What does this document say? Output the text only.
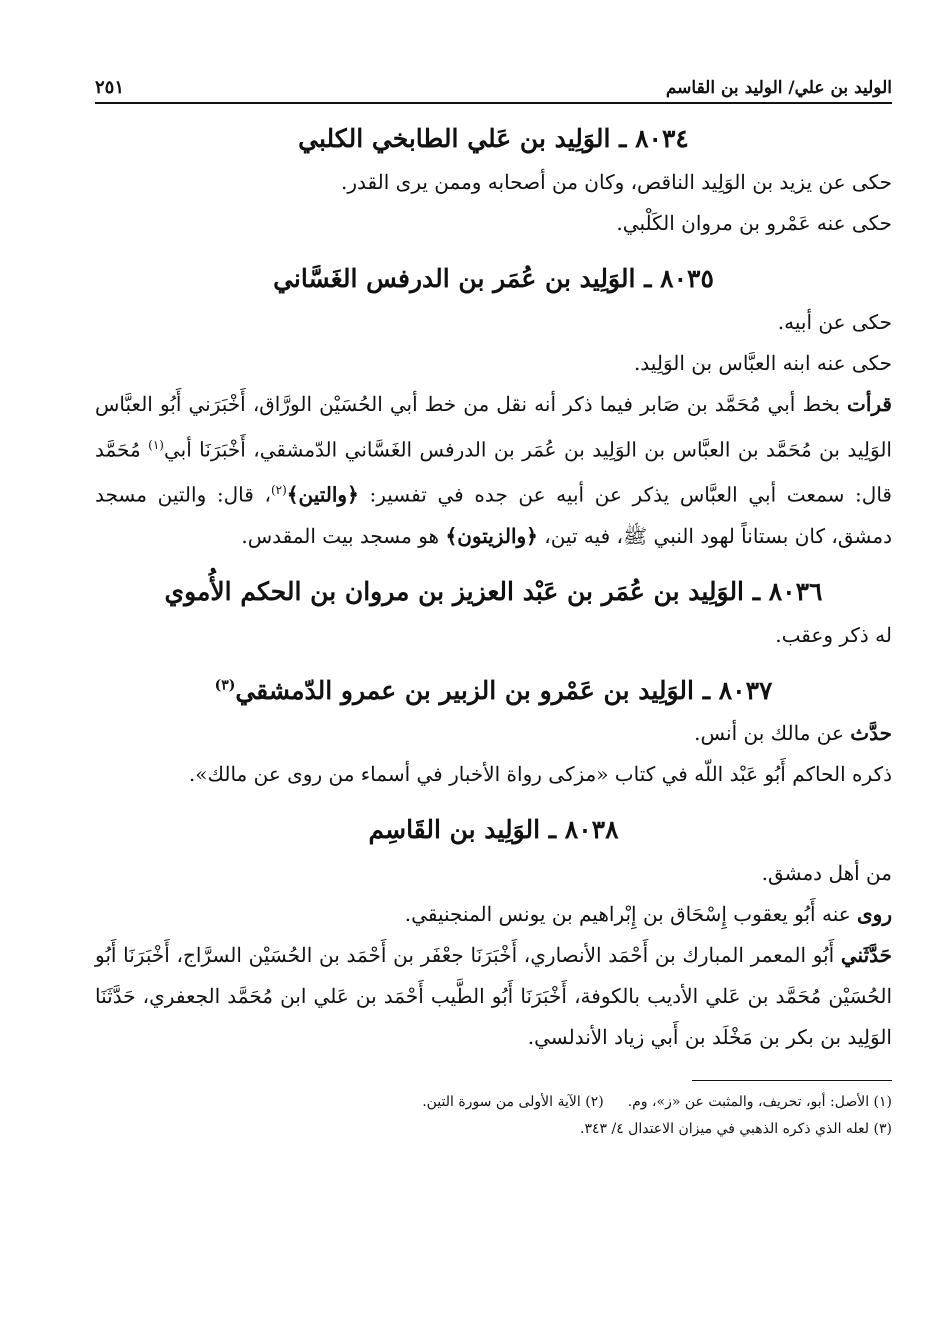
الوليد بن علي/ الوليد بن القاسم
٢٥١
٨٠٣٤ ـ الوَلِيد بن عَلي الطابخي الكلبي

حكى عن يزيد بن الوَلِيد الناقص، وكان من أصحابه وممن يرى القدر.

حكى عنه عَمْرو بن مروان الكَلْبي.

٨٠٣٥ ـ الوَلِيد بن عُمَر بن الدرفس الغَسَّاني

حكى عن أبيه.

حكى عنه ابنه العبَّاس بن الوَلِيد.

قرأت بخط أبي مُحَمَّد بن صَابر فيما ذكر أنه نقل من خط أبي الحُسَيْن الورَّاق، أَخْبَرَني أَبُو العبَّاس الوَلِيد بن مُحَمَّد بن العبَّاس بن الوَلِيد بن عُمَر بن الدرفس الغَسَّاني الدّمشقي، أَخْبَرَنَا أبي$^{(١)}$ مُحَمَّد قال: سمعت أبي العبَّاس يذكر عن أبيه عن جده في تفسير: ﴿والتين﴾$^{(٢)}$، قال: والتين مسجد دمشق، كان بستاناً لهود النبي ﷺ، فيه تين، ﴿والزيتون﴾ هو مسجد بيت المقدس.

٨٠٣٦ ـ الوَلِيد بن عُمَر بن عَبْد العزيز بن مروان بن الحكم الأُموي

له ذكر وعقب.

٨٠٣٧ ـ الوَلِيد بن عَمْرو بن الزبير بن عمرو الدّمشقي$^{(٣)}$

حدَّث عن مالك بن أنس.

ذكره الحاكم أَبُو عَبْد اللّه في كتاب «مزكى رواة الأخبار في أسماء من روى عن مالك».

٨٠٣٨ ـ الوَلِيد بن القَاسِم

من أهل دمشق.

روى عنه أَبُو يعقوب إِسْحَاق بن إِبْراهيم بن يونس المنجنيقي.

حَدَّثَني أَبُو المعمر المبارك بن أَحْمَد الأنصاري، أَخْبَرَنَا جعْفَر بن أَحْمَد بن الحُسَيْن السرَّاج، أَخْبَرَنَا أَبُو الحُسَيْن مُحَمَّد بن عَلي الأديب بالكوفة، أَخْبَرَنَا أَبُو الطَّيب أَحْمَد بن عَلي ابن مُحَمَّد الجعفري، حَدَّثَنَا الوَلِيد بن بكر بن مَخْلَد بن أَبي زياد الأندلسي.

(١) الأصل: أبو، تحريف، والمثبت عن «ز»، وم.(٢) الآية الأولى من سورة التين.
(٣) لعله الذي ذكره الذهبي في ميزان الاعتدال ٤/ ٣٤٣.
